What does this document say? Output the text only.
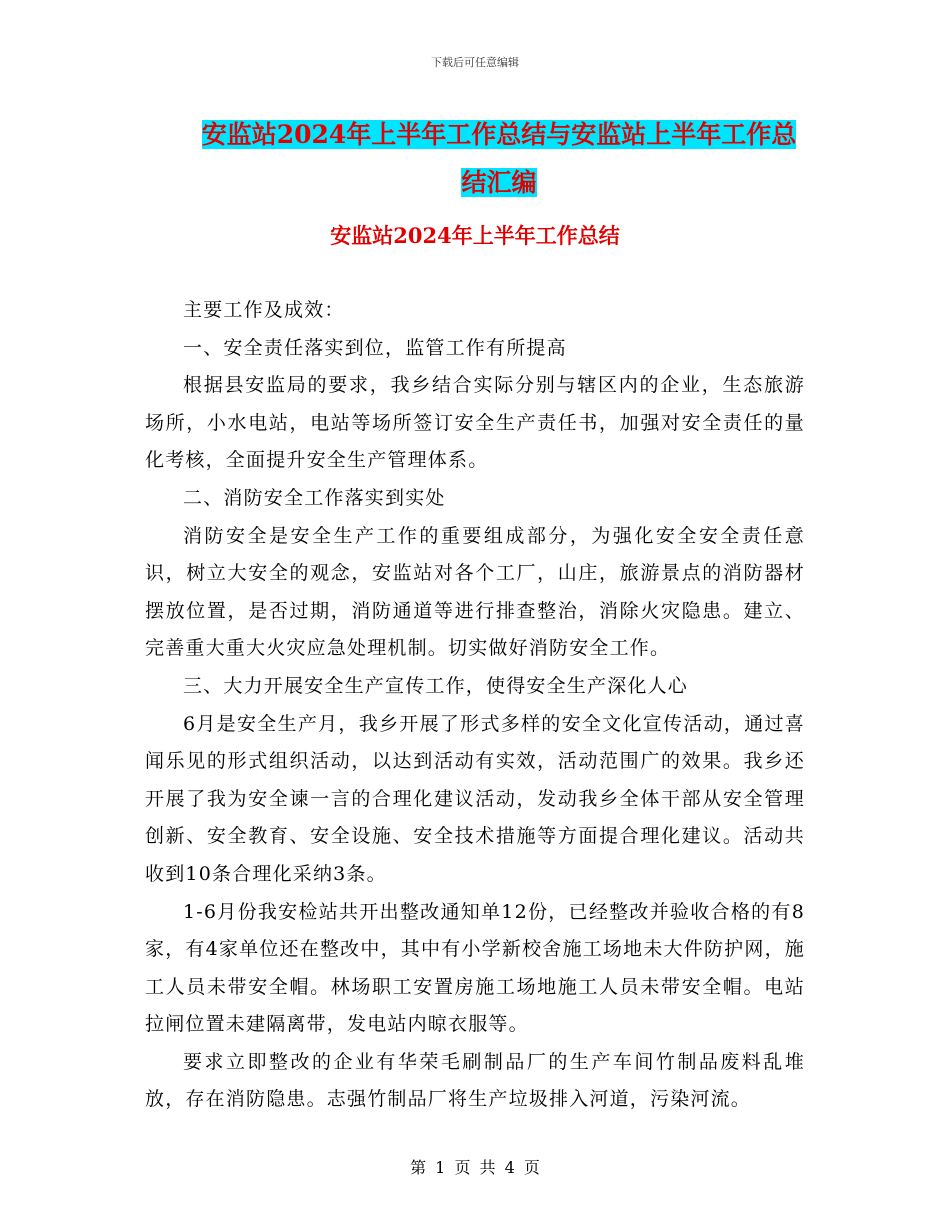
下载后可任意编辑
安监站2024年上半年工作总结与安监站上半年工作总
结汇编
安监站2024年上半年工作总结

主要工作及成效：

一、安全责任落实到位，监管工作有所提高

根据县安监局的要求，我乡结合实际分别与辖区内的企业，生态旅游场所，小水电站，电站等场所签订安全生产责任书，加强对安全责任的量化考核，全面提升安全生产管理体系。

二、消防安全工作落实到实处

消防安全是安全生产工作的重要组成部分，为强化安全安全责任意识，树立大安全的观念，安监站对各个工厂，山庄，旅游景点的消防器材摆放位置，是否过期，消防通道等进行排查整治，消除火灾隐患。建立、完善重大重大火灾应急处理机制。切实做好消防安全工作。

三、大力开展安全生产宣传工作，使得安全生产深化人心

6月是安全生产月，我乡开展了形式多样的安全文化宣传活动，通过喜闻乐见的形式组织活动，以达到活动有实效，活动范围广的效果。我乡还开展了我为安全谏一言的合理化建议活动，发动我乡全体干部从安全管理创新、安全教育、安全设施、安全技术措施等方面提合理化建议。活动共收到10条合理化采纳3条。

1-6月份我安检站共开出整改通知单12份，已经整改并验收合格的有8家，有4家单位还在整改中，其中有小学新校舍施工场地未大件防护网，施工人员未带安全帽。林场职工安置房施工场地施工人员未带安全帽。电站拉闸位置未建隔离带，发电站内晾衣服等。

要求立即整改的企业有华荣毛刷制品厂的生产车间竹制品废料乱堆放，存在消防隐患。志强竹制品厂将生产垃圾排入河道，污染河流。

第 1 页 共 4 页
